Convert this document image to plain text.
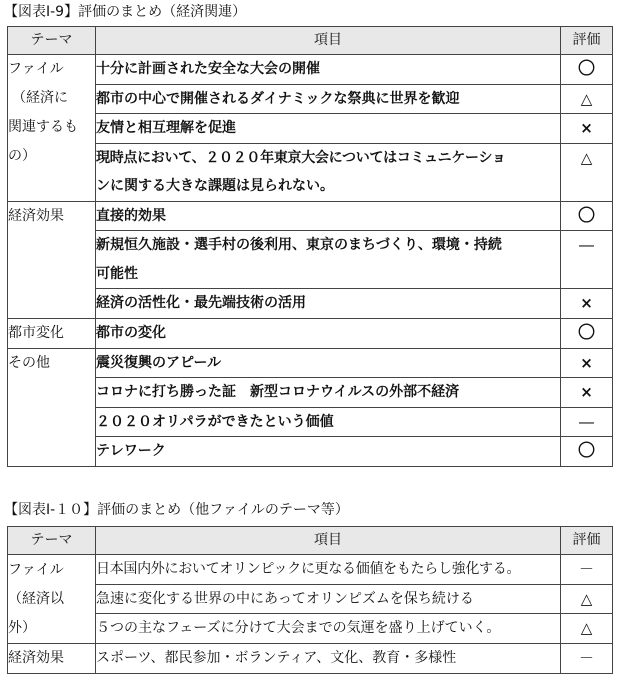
【図表Ⅰ-9】評価のまとめ（経済関連）
テーマ	項目	評価

ファイル
（経済に
関連するも
の）	十分に計画された安全な大会の開催	〇
	都市の中心で開催されるダイナミックな祭典に世界を歓迎	△
	友情と相互理解を促進	×

	現時点において、２０２０年東京大会についてはコミュニケーショ
ンに関する大きな課題は見られない。	△
経済効果	直接的効果	〇

	新規恒久施設・選手村の後利用、東京のまちづくり、環境・持続
可能性	―
	経済の活性化・最先端技術の活用	×
都市変化	都市の変化	〇
その他	震災復興のアピール	×
	コロナに打ち勝った証　新型コロナウイルスの外部不経済	×
	２０２０オリパラができたという価値	―
	テレワーク	〇
【図表Ⅰ-１０】評価のまとめ（他ファイルのテーマ等）
テーマ	項目	評価

ファイル
（経済以
外）	日本国内外においてオリンピックに更なる価値をもたらし強化する。	－
	急速に変化する世界の中にあってオリンピズムを保ち続ける	△
	５つの主なフェーズに分けて大会までの気運を盛り上げていく。	△
経済効果	スポーツ、都民参加・ボランティア、文化、教育・多様性	－
